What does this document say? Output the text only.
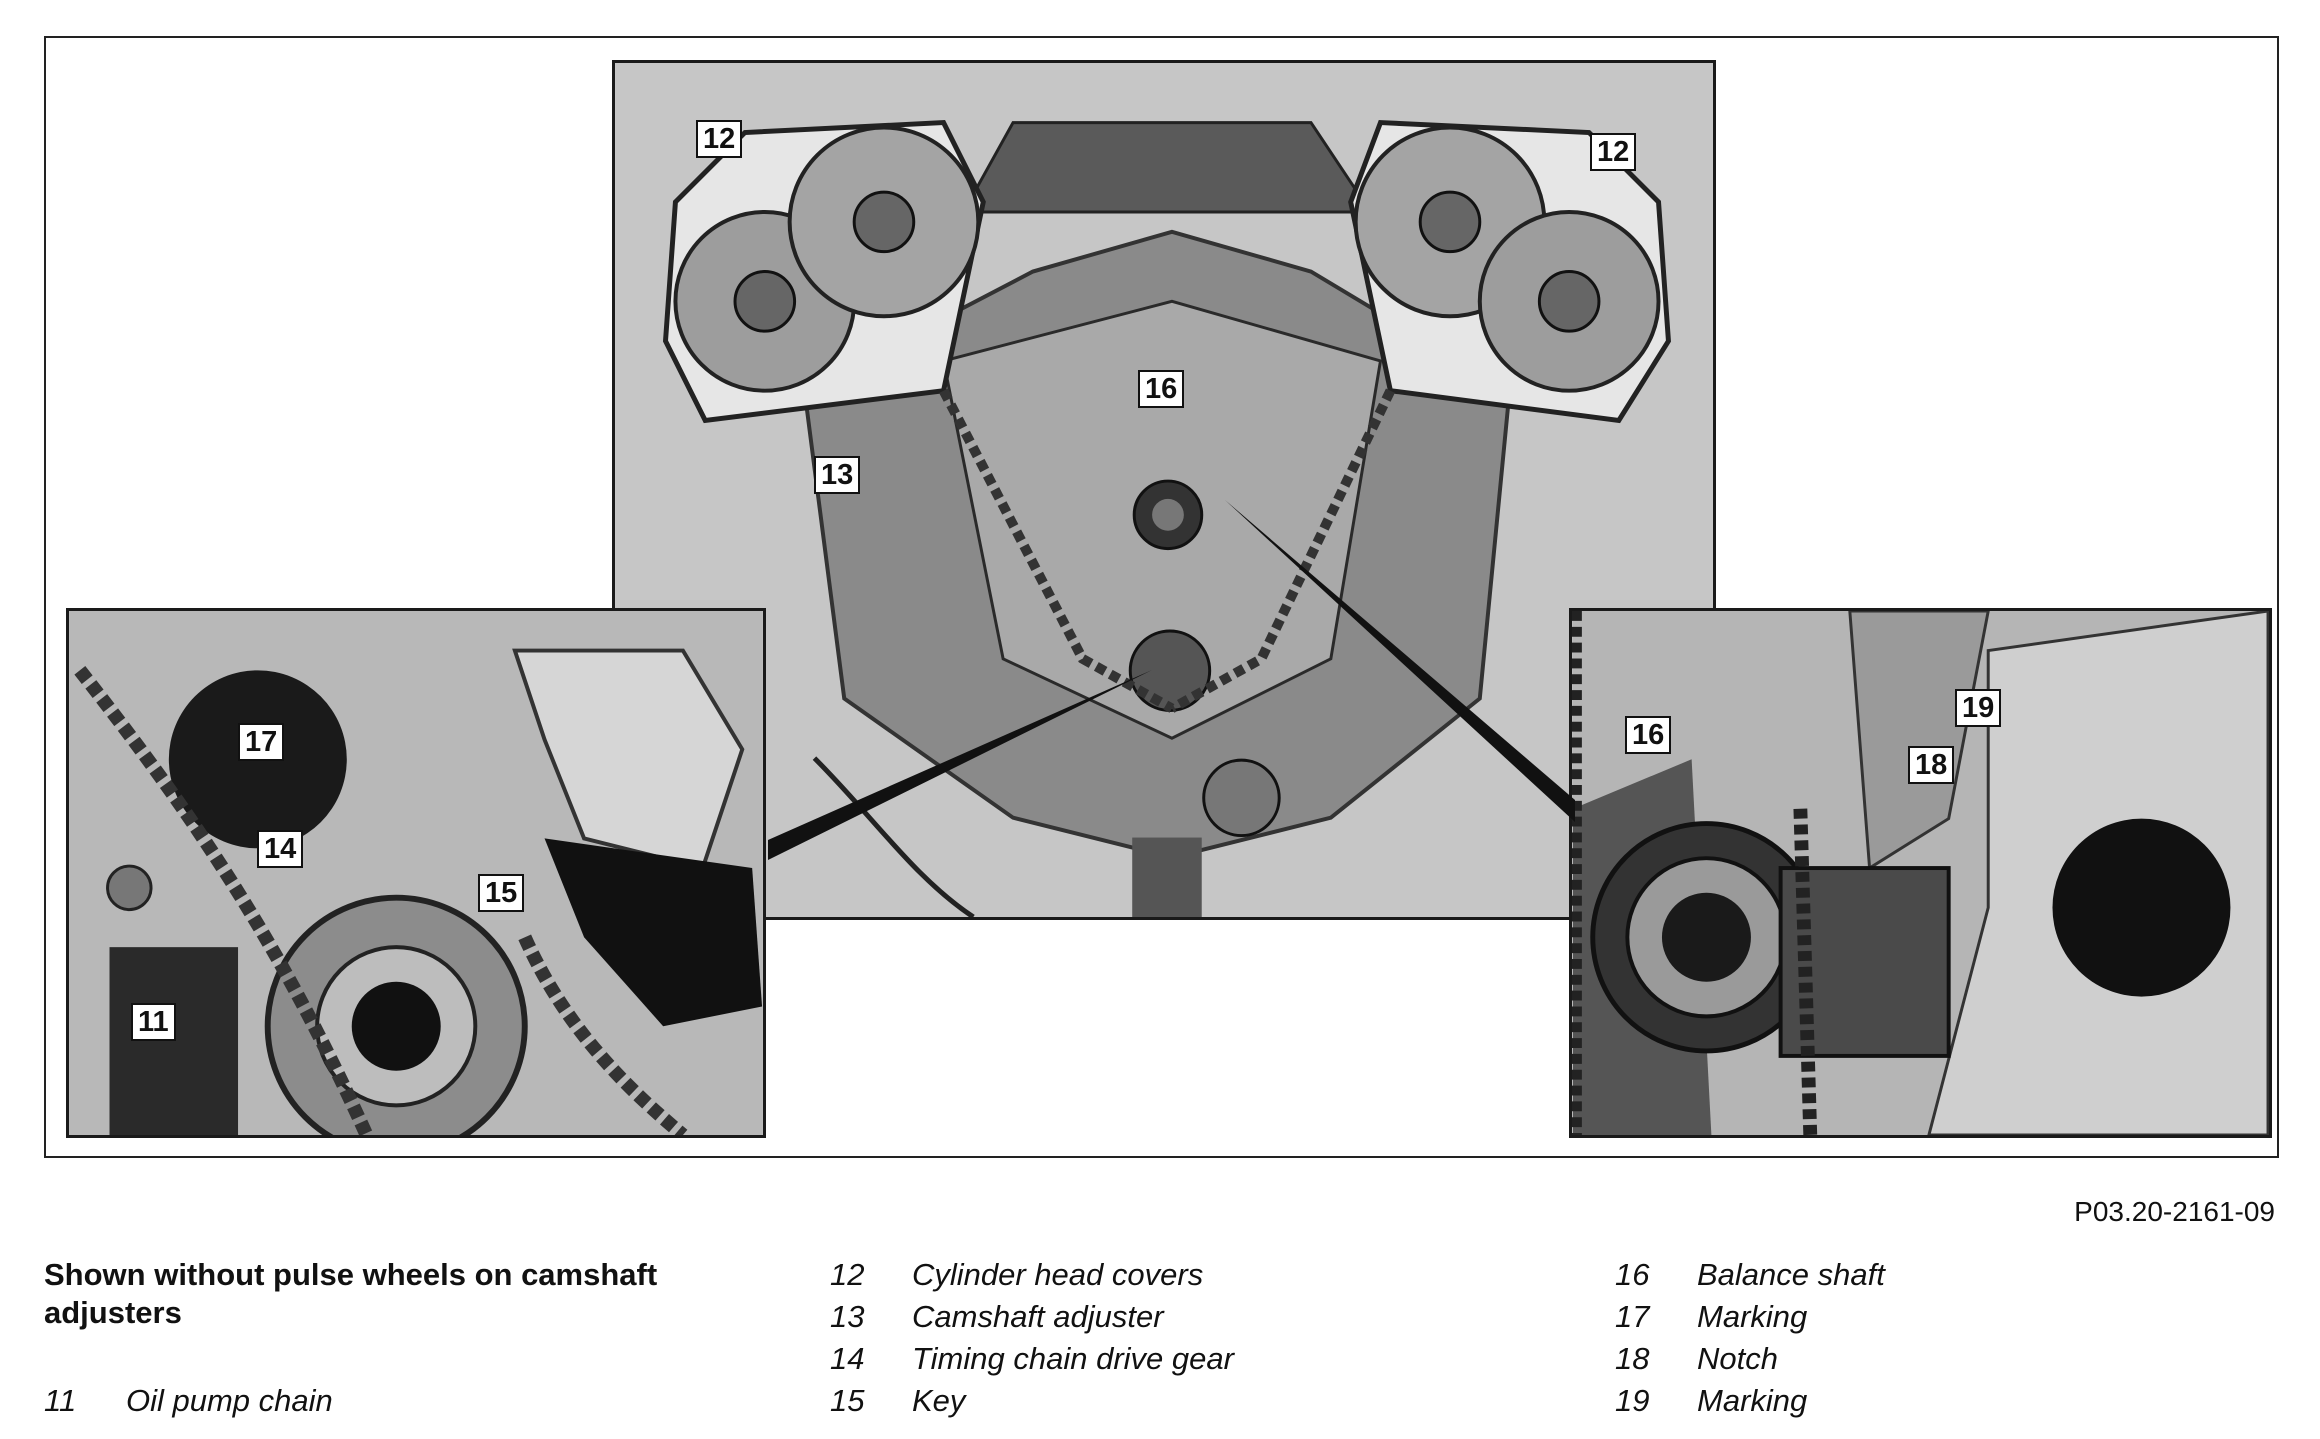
12	12
13
16
17
14
15
11
16
19
18
P03.20-2161-09
Shown without pulse wheels on camshaft adjusters
11	Oil pump chain
12	Cylinder head covers
13	Camshaft adjuster
14	Timing chain drive gear
15	Key
16	Balance shaft
17	Marking
18	Notch
19	Marking
